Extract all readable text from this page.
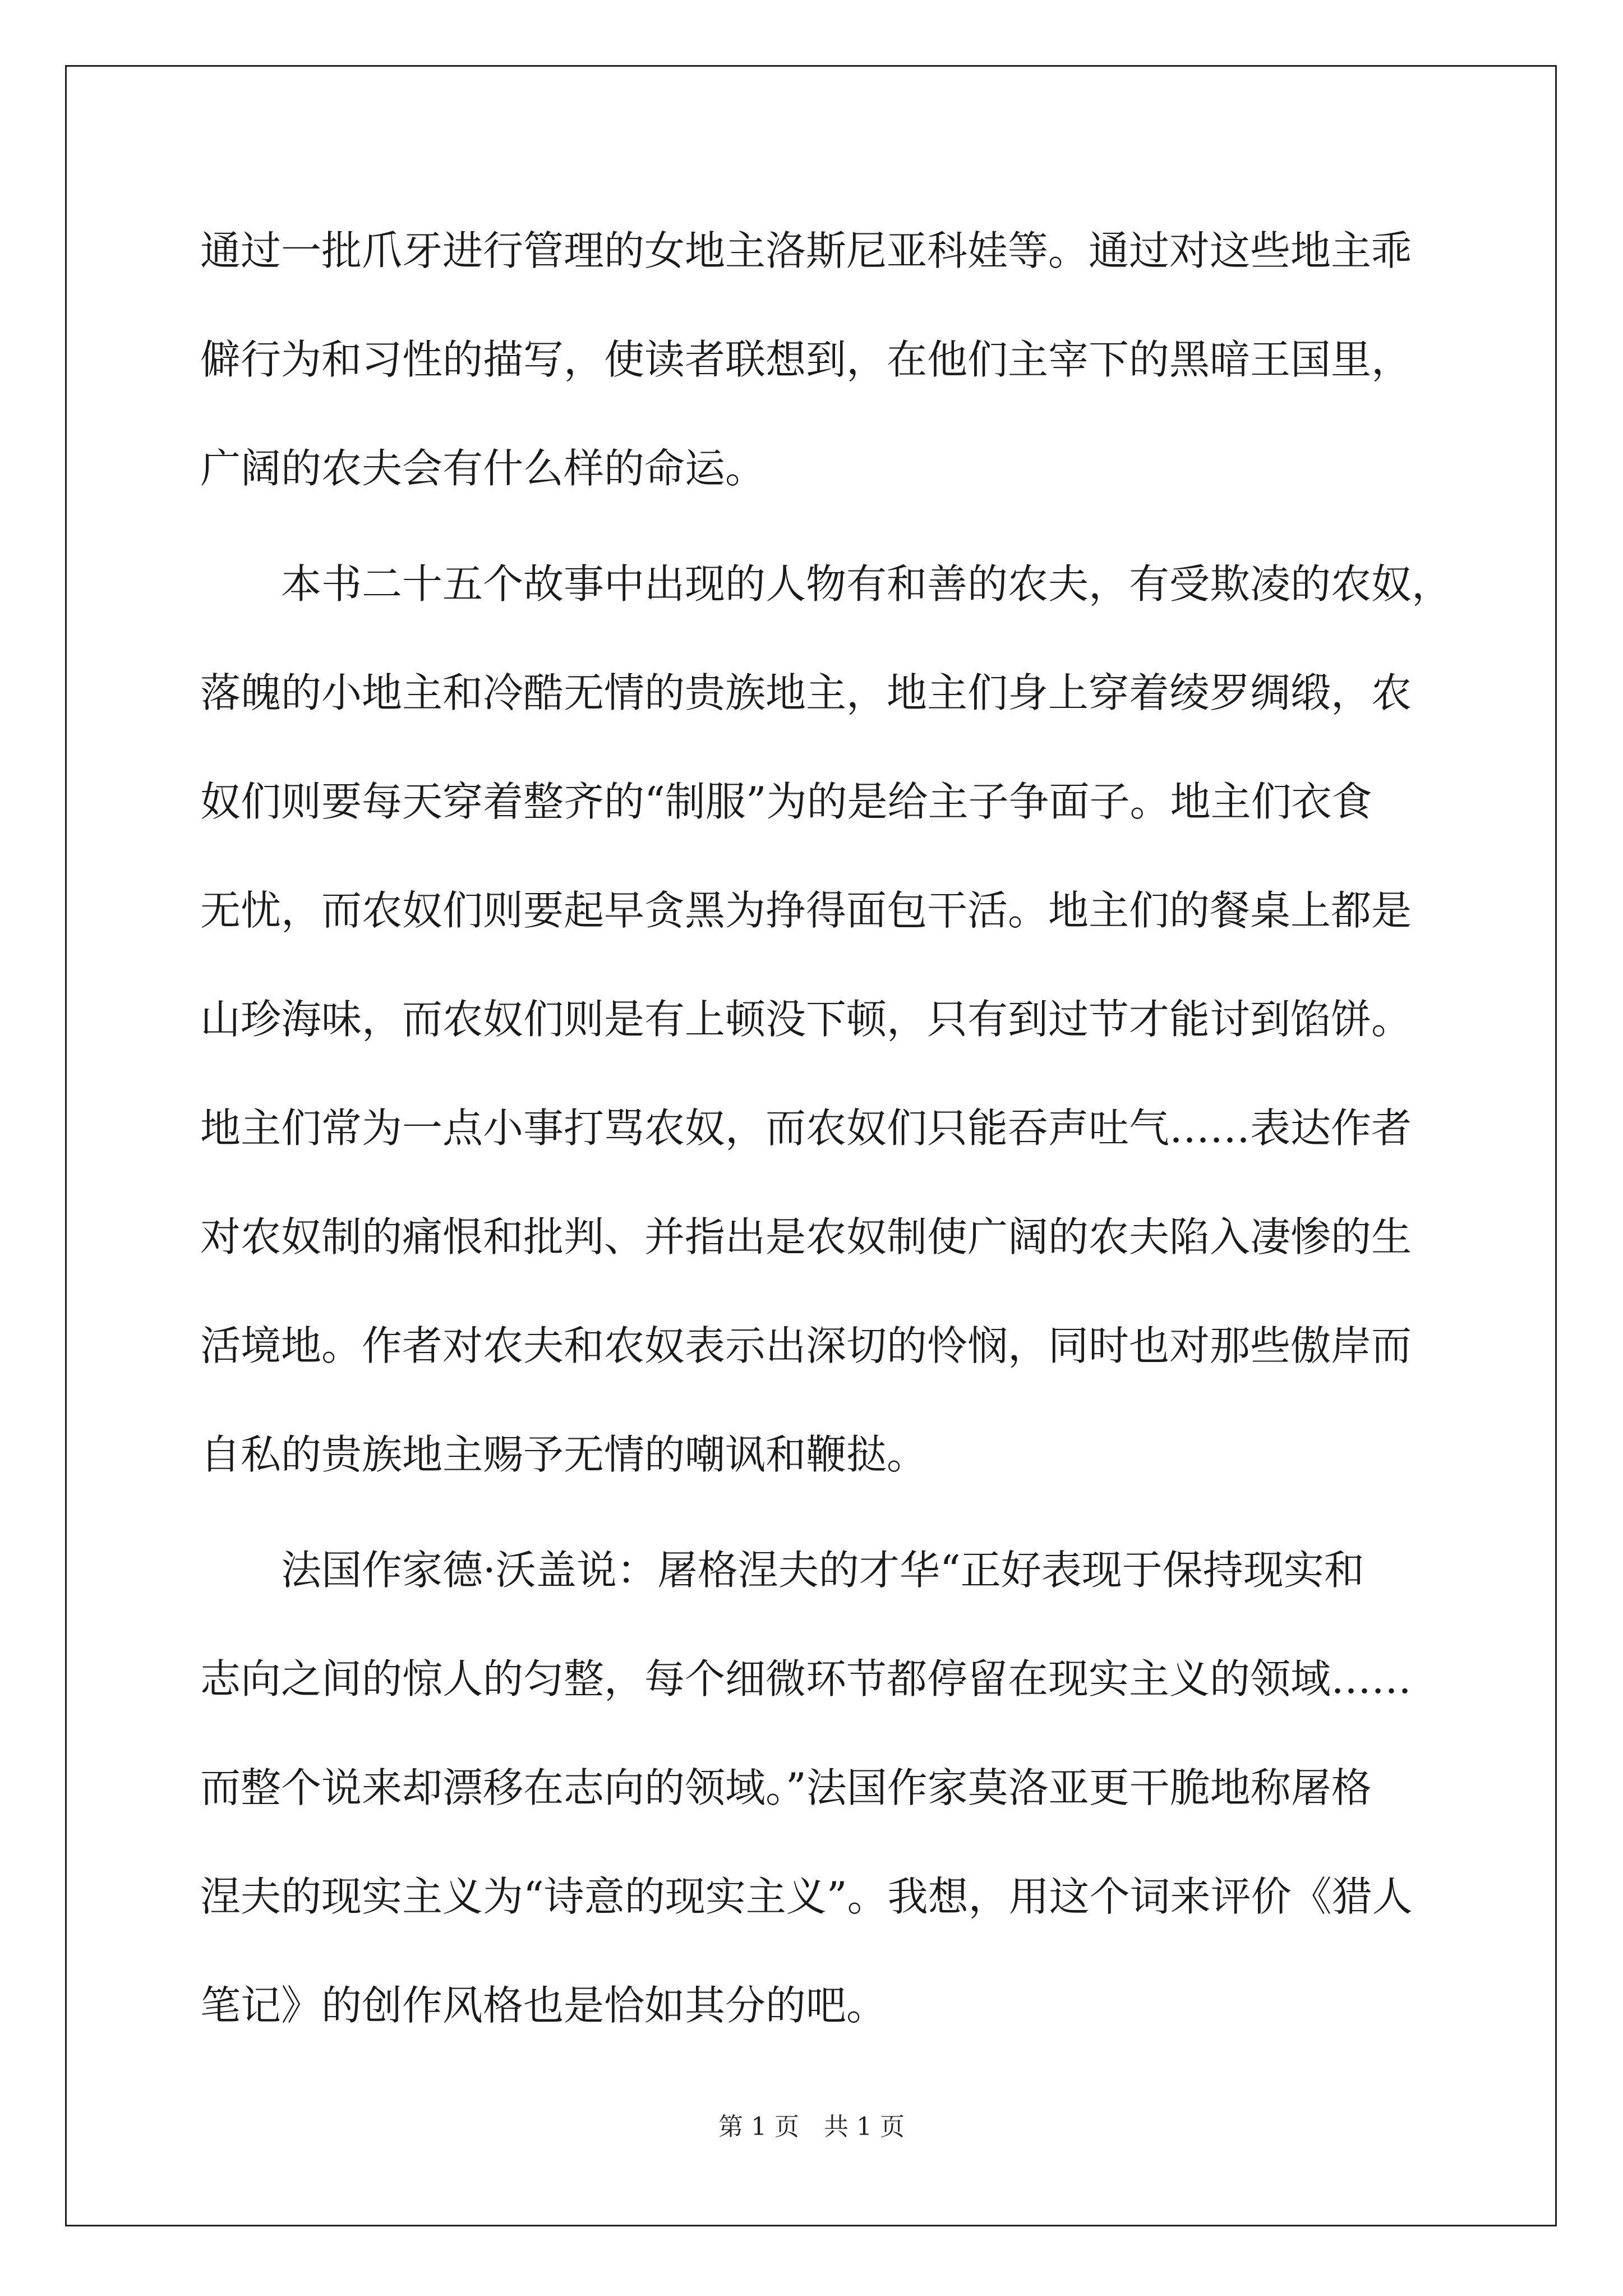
通过一批爪牙进行管理的女地主洛斯尼亚科娃等。通过对这些地主乖
僻行为和习性的描写，使读者联想到，在他们主宰下的黑暗王国里，
广阔的农夫会有什么样的命运。
　　本书二十五个故事中出现的人物有和善的农夫，有受欺凌的农奴，
落魄的小地主和冷酷无情的贵族地主，地主们身上穿着绫罗绸缎，农
奴们则要每天穿着整齐的“制服”为的是给主子争面子。地主们衣食
无忧，而农奴们则要起早贪黑为挣得面包干活。地主们的餐桌上都是
山珍海味，而农奴们则是有上顿没下顿，只有到过节才能讨到馅饼。
地主们常为一点小事打骂农奴，而农奴们只能吞声吐气……表达作者
对农奴制的痛恨和批判、并指出是农奴制使广阔的农夫陷入凄惨的生
活境地。作者对农夫和农奴表示出深切的怜悯，同时也对那些傲岸而
自私的贵族地主赐予无情的嘲讽和鞭挞。
　　法国作家德·沃盖说：屠格涅夫的才华“正好表现于保持现实和
志向之间的惊人的匀整，每个细微环节都停留在现实主义的领域……
而整个说来却漂移在志向的领域。”法国作家莫洛亚更干脆地称屠格
涅夫的现实主义为“诗意的现实主义”。我想，用这个词来评价《猎人
笔记》的创作风格也是恰如其分的吧。
第 1 页　共 1 页
